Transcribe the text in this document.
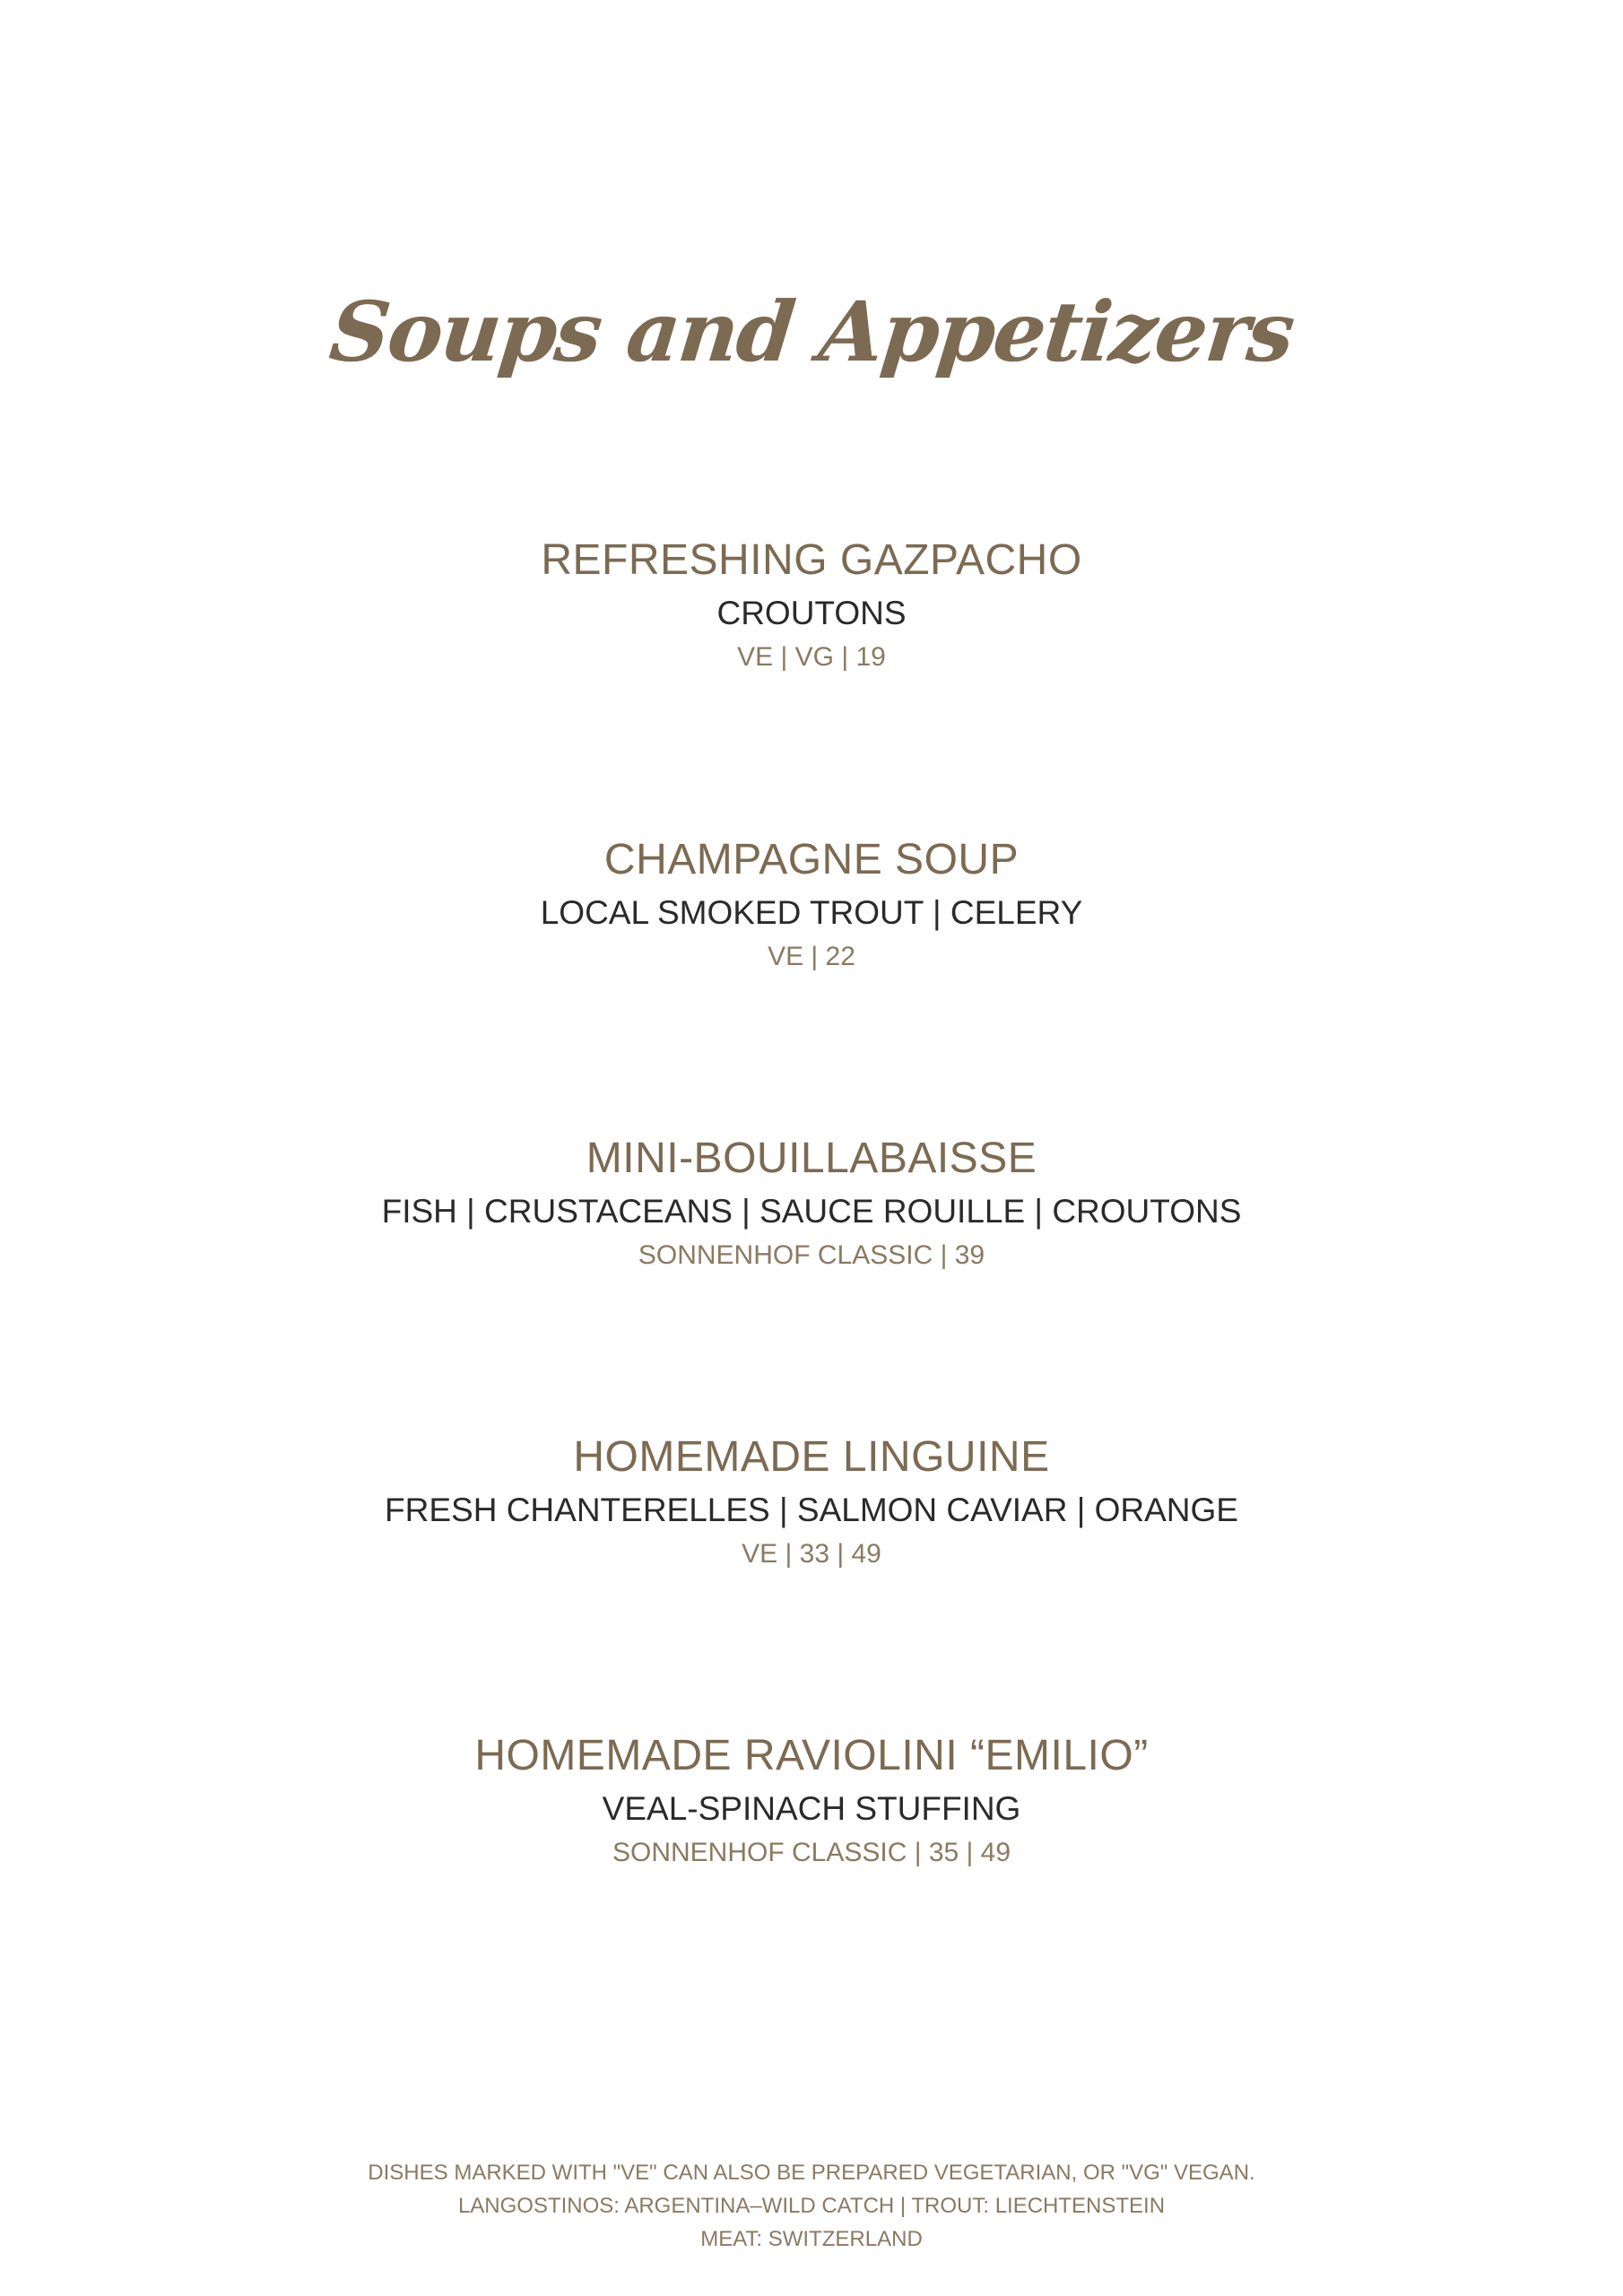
Soups and Appetizers
REFRESHING GAZPACHO
CROUTONS
VE | VG | 19
CHAMPAGNE SOUP
LOCAL SMOKED TROUT | CELERY
VE | 22
MINI-BOUILLABAISSE
FISH | CRUSTACEANS | SAUCE ROUILLE | CROUTONS
SONNENHOF CLASSIC | 39
HOMEMADE LINGUINE
FRESH CHANTERELLES | SALMON CAVIAR | ORANGE
VE | 33 | 49
HOMEMADE RAVIOLINI “EMILIO”
VEAL-SPINACH STUFFING
SONNENHOF CLASSIC | 35 | 49
DISHES MARKED WITH "VE" CAN ALSO BE PREPARED VEGETARIAN, OR "VG" VEGAN.
LANGOSTINOS: ARGENTINA–WILD CATCH | TROUT: LIECHTENSTEIN
MEAT: SWITZERLAND
